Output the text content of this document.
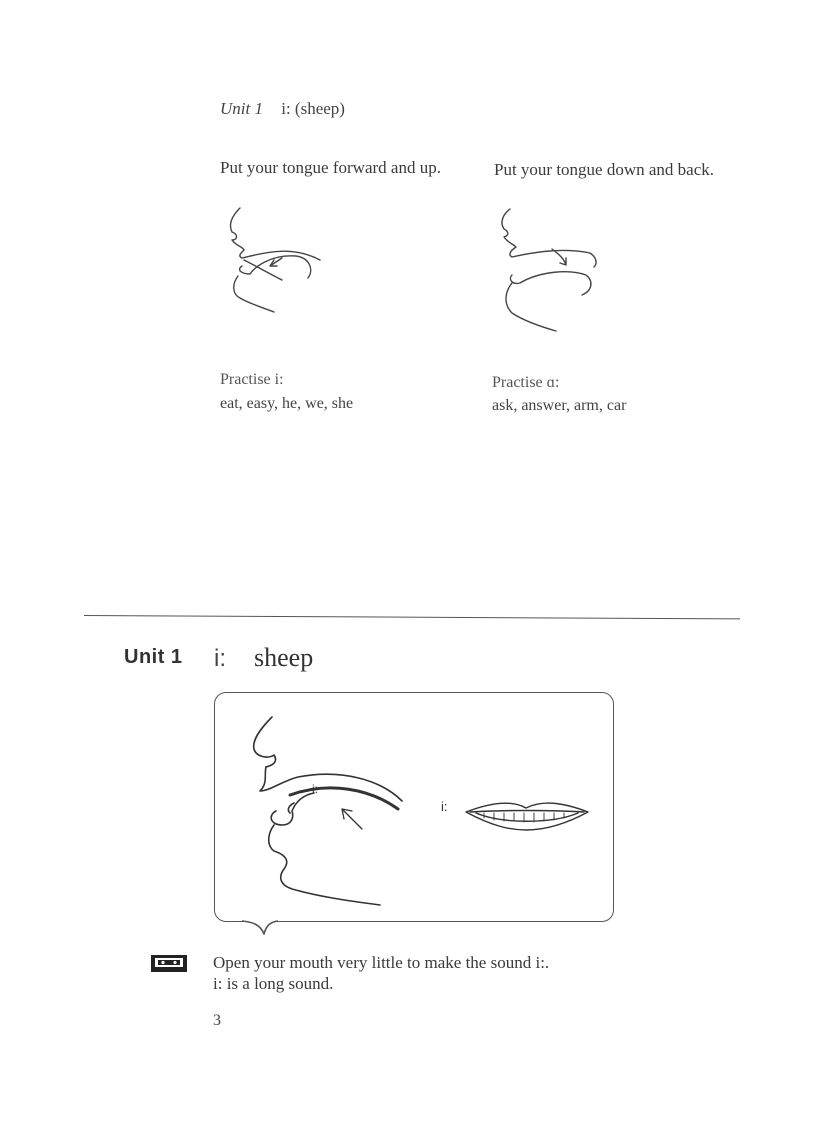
Unit 1 i: (sheep)
Put your tongue forward and up.	Put your tongue down and back.
Practise i:
eat, easy, he, we, she
Practise ɑ:
ask, answer, arm, car
Unit 1 i: sheep
i:
i:
Open your mouth very little to make the sound i:.
i: is a long sound.
3
